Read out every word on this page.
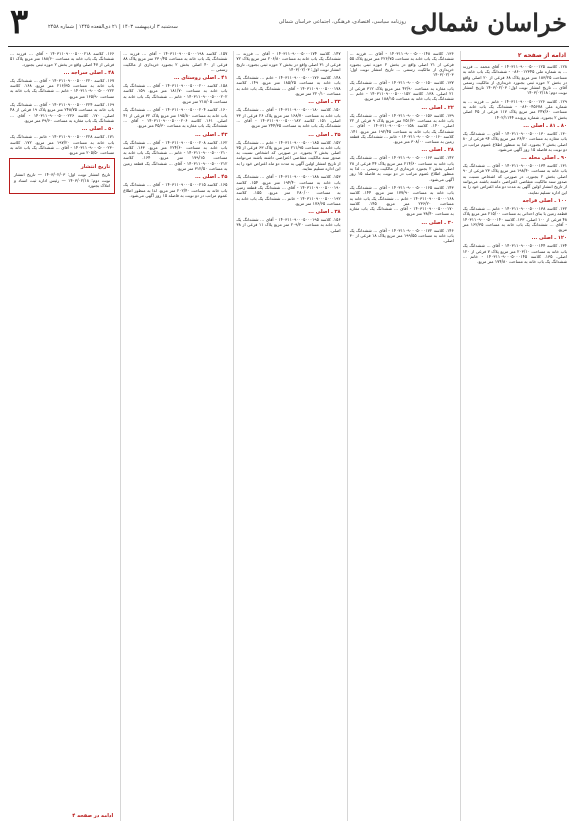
۳	سه‌شنبه ۳ اردیبهشت ۱۴۰۳ | ۲۱ ذی‌القعده ۱۴۴۵ | شماره ۲۴۵۸	خراسان شمالی
روزنامه سیاسی، اقتصادی، فرهنگی، اجتماعی خراسان شمالی
ادامه از صفحه ۲
۱۲۸. کلاسه ۱۴۰۳۱۱۰۹۰۰۰۵۰۰۰۱۲۵ - آقای محمد ... فرزند ... به شماره ملی ۰۸۶۰۰۱۲۳۴۵ - ششدانگ یک باب خانه به مساحت ۱۸۳/۲۵ متر مربع پلاک ۶۸ فرعی از ۲۰ اصلی واقع در بخش ۲ حوزه ثبتی بجنورد خریداری از مالکیت رسمی آقای ... تاریخ انتشار نوبت اول: ۱۴۰۳/۰۲/۰۳ تاریخ انتشار نوبت دوم: ۱۴۰۳/۰۲/۱۸
۱۲۹. کلاسه ۱۴۰۳۱۱۰۹۰۰۰۵۰۰۰۱۲۶ - خانم ... فرزند ... به شماره ملی ۰۸۶۰۰۴۵۶۷۸ - ششدانگ یک باب خانه به مساحت ۲۴۷/۶۰ متر مربع پلاک ۱۱۷ فرعی از ۴۵ اصلی بخش ۲ بجنورد. شماره پرونده ۱۴۰۲/۱۱۴۴
۸۰ ـ ۸۱ ـ اصلی ...
۱۳۰. کلاسه ۱۴۰۳۱۱۰۹۰۰۰۵۰۰۰۱۳۰ - آقای ... ششدانگ یک باب مغازه به مساحت ۳۶/۲۰ متر مربع پلاک ۹۴ فرعی از ۸۰ اصلی بخش ۲ بجنورد. لذا به منظور اطلاع عموم مراتب در دو نوبت به فاصله ۱۵ روز آگهی می‌شود.
۹۰ ـ اصلی محله ...
۱۳۱. کلاسه ۱۴۰۳۱۱۰۹۰۰۰۵۰۰۰۱۳۴ - آقای ... ششدانگ یک باب خانه به مساحت ۱۹۸/۴۰ متر مربع پلاک ۲۳ فرعی از ۹۰ اصلی بخش ۲ بجنورد. در صورتی که اشخاص نسبت به صدور سند مالکیت متقاضی اعتراضی داشته باشند می‌توانند از تاریخ انتشار اولین آگهی به مدت دو ماه اعتراض خود را به این اداره تسلیم نمایند.
۱۰۰ ـ اصلی قراجه
۱۳۲. کلاسه ۱۴۰۳۱۱۰۹۰۰۰۵۰۰۰۱۳۸ - خانم ... ششدانگ یک قطعه زمین با بنای احداثی به مساحت ۲۱۵/۰۰ متر مربع پلاک ۴۸ فرعی از ۱۰۰ اصلی. ۱۳۳. کلاسه ۱۴۰۳۱۱۰۹۰۰۰۵۰۰۰۱۴۰ - آقای ... ششدانگ یک باب خانه به مساحت ۱۶۲/۳۵ متر مربع.
۱۲۰ ـ اصلی ...
۱۳۴. کلاسه ۱۴۰۳۱۱۰۹۰۰۰۵۰۰۰۱۴۴ - آقای ... ششدانگ یک باب خانه به مساحت ۲۰۳/۱۰ متر مربع پلاک ۷ فرعی از ۱۲۰ اصلی. ۱۳۵. کلاسه ۱۴۰۳۱۱۰۹۰۰۰۵۰۰۰۱۴۵ - خانم ... ششدانگ یک باب خانه به مساحت ۱۷۴/۸۰ متر مربع.
۱۳۶. کلاسه ۱۴۰۳۱۱۰۹۰۰۰۵۰۰۰۱۴۸ - آقای ... فرزند ... ششدانگ یک باب خانه به مساحت ۲۲۶/۷۵ متر مربع پلاک ۵۵ فرعی از ۲۱ اصلی واقع در بخش ۲ حوزه ثبتی بجنورد خریداری از مالکیت رسمی ... تاریخ انتشار نوبت اول: ۱۴۰۳/۰۲/۰۳
۱۳۷. کلاسه ۱۴۰۳۱۱۰۹۰۰۰۵۰۰۰۱۵۰ - آقای ... ششدانگ یک باب مغازه به مساحت ۴۲/۹۰ متر مربع پلاک ۳۱۲ فرعی از ۲۱ اصلی. ۱۳۸. کلاسه ۱۴۰۳۱۱۰۹۰۰۰۵۰۰۰۱۵۲ - خانم ... ششدانگ یک باب خانه به مساحت ۱۸۸/۱۵ متر مربع.
۲۲ ـ اصلی ...
۱۳۹. کلاسه ۱۴۰۳۱۱۰۹۰۰۰۵۰۰۰۱۵۶ - آقای ... ششدانگ یک باب خانه به مساحت ۲۵۱/۳۰ متر مربع پلاک ۹ فرعی از ۲۲ اصلی. ۱۴۰. کلاسه ۱۴۰۳۱۱۰۹۰۰۰۵۰۰۰۱۵۸ - آقای ... ششدانگ یک باب خانه به مساحت ۱۹۲/۴۵ متر مربع. ۱۴۱. کلاسه ۱۴۰۳۱۱۰۹۰۰۰۵۰۰۰۱۶۰ - خانم ... ششدانگ یک قطعه زمین به مساحت ۳۰۸/۰۰ متر مربع.
۲۸ ـ اصلی ...
۱۴۲. کلاسه ۱۴۰۳۱۱۰۹۰۰۰۵۰۰۰۱۶۳ - آقای ... ششدانگ یک باب خانه به مساحت ۲۱۴/۶۰ متر مربع پلاک ۴۴ فرعی از ۲۸ اصلی بخش ۲ بجنورد خریداری از مالکیت رسمی ... لذا به منظور اطلاع عموم مراتب در دو نوبت به فاصله ۱۵ روز آگهی می‌شود.
۱۴۳. کلاسه ۱۴۰۳۱۱۰۹۰۰۰۵۰۰۰۱۶۵ - آقای ... ششدانگ یک باب خانه به مساحت ۱۷۷/۹۰ متر مربع. ۱۴۴. کلاسه ۱۴۰۳۱۱۰۹۰۰۰۵۰۰۰۱۶۸ - خانم ... ششدانگ یک باب خانه به مساحت ۲۳۶/۲۰ متر مربع. ۱۴۵. کلاسه ۱۴۰۳۱۱۰۹۰۰۰۵۰۰۰۱۷۰ - آقای ... ششدانگ یک باب مغازه به مساحت ۳۸/۴۰ متر مربع.
۳۰ ـ اصلی ...
۱۴۶. کلاسه ۱۴۰۳۱۱۰۹۰۰۰۵۰۰۰۱۷۲ - آقای ... ششدانگ یک باب خانه به مساحت ۱۹۹/۵۵ متر مربع پلاک ۱۸ فرعی از ۳۰ اصلی.
۱۴۷. کلاسه ۱۴۰۳۱۱۰۹۰۰۰۵۰۰۰۱۷۴ - آقای ... فرزند ... ششدانگ یک باب خانه به مساحت ۲۰۶/۸۰ متر مربع پلاک ۷۲ فرعی از ۳۱ اصلی واقع در بخش ۲ حوزه ثبتی بجنورد. تاریخ انتشار نوبت اول: ۱۴۰۳/۰۲/۰۳
۱۴۸. کلاسه ۱۴۰۳۱۱۰۹۰۰۰۵۰۰۰۱۷۶ - خانم ... ششدانگ یک باب خانه به مساحت ۱۸۵/۲۵ متر مربع. ۱۴۹. کلاسه ۱۴۰۳۱۱۰۹۰۰۰۵۰۰۰۱۷۸ - آقای ... ششدانگ یک باب خانه به مساحت ۲۲۰/۱۰ متر مربع.
۳۳ ـ اصلی ...
۱۵۰. کلاسه ۱۴۰۳۱۱۰۹۰۰۰۵۰۰۰۱۸۰ - آقای ... ششدانگ یک باب خانه به مساحت ۱۶۸/۷۰ متر مربع پلاک ۲۶ فرعی از ۳۳ اصلی. ۱۵۱. کلاسه ۱۴۰۳۱۱۰۹۰۰۰۵۰۰۰۱۸۲ - آقای ... ششدانگ یک باب خانه به مساحت ۲۴۴/۳۵ متر مربع.
۳۵ ـ اصلی ...
۱۵۲. کلاسه ۱۴۰۳۱۱۰۹۰۰۰۵۰۰۰۱۸۵ - خانم ... ششدانگ یک باب خانه به مساحت ۲۱۱/۹۵ متر مربع پلاک ۶۳ فرعی از ۳۵ اصلی بخش ۲ بجنورد. در صورتی که اشخاص نسبت به صدور سند مالکیت متقاضی اعتراضی داشته باشند می‌توانند از تاریخ انتشار اولین آگهی به مدت دو ماه اعتراض خود را به این اداره تسلیم نمایند.
۱۵۳. کلاسه ۱۴۰۳۱۱۰۹۰۰۰۵۰۰۰۱۸۸ - آقای ... ششدانگ یک باب خانه به مساحت ۱۹۴/۴۰ متر مربع. ۱۵۴. کلاسه ۱۴۰۳۱۱۰۹۰۰۰۵۰۰۰۱۹۰ - آقای ... ششدانگ یک قطعه زمین به مساحت ۲۸۰/۰۰ متر مربع. ۱۵۵. کلاسه ۱۴۰۳۱۱۰۹۰۰۰۵۰۰۰۱۹۲ - خانم ... ششدانگ یک باب خانه به مساحت ۱۷۶/۶۵ متر مربع.
۳۸ ـ اصلی ...
۱۵۶. کلاسه ۱۴۰۳۱۱۰۹۰۰۰۵۰۰۰۱۹۵ - آقای ... ششدانگ یک باب خانه به مساحت ۲۰۹/۲۰ متر مربع پلاک ۱۱ فرعی از ۳۸ اصلی.
۱۵۷. کلاسه ۱۴۰۳۱۱۰۹۰۰۰۵۰۰۰۱۹۸ - آقای ... فرزند ... ششدانگ یک باب خانه به مساحت ۲۳۰/۴۵ متر مربع پلاک ۸۸ فرعی از ۴۰ اصلی بخش ۲ بجنورد خریداری از مالکیت رسمی ...
۴۱ ـ اصلی روستای ...
۱۵۸. کلاسه ۱۴۰۳۱۱۰۹۰۰۰۵۰۰۰۲۰۰ - آقای ... ششدانگ یک باب خانه به مساحت ۱۸۱/۷۰ متر مربع. ۱۵۹. کلاسه ۱۴۰۳۱۱۰۹۰۰۰۵۰۰۰۲۰۲ - خانم ... ششدانگ یک باب خانه به مساحت ۲۱۸/۰۵ متر مربع.
۱۶۰. کلاسه ۱۴۰۳۱۱۰۹۰۰۰۵۰۰۰۲۰۴ - آقای ... ششدانگ یک باب خانه به مساحت ۱۹۵/۸۰ متر مربع پلاک ۳۲ فرعی از ۴۱ اصلی. ۱۶۱. کلاسه ۱۴۰۳۱۱۰۹۰۰۰۵۰۰۰۲۰۶ - آقای ... ششدانگ یک باب مغازه به مساحت ۴۵/۳۰ متر مربع.
۴۳ ـ اصلی ...
۱۶۲. کلاسه ۱۴۰۳۱۱۰۹۰۰۰۵۰۰۰۲۰۸ - آقای ... ششدانگ یک باب خانه به مساحت ۲۲۴/۶۰ متر مربع. ۱۶۳. کلاسه ۱۴۰۳۱۱۰۹۰۰۰۵۰۰۰۲۱۰ - خانم ... ششدانگ یک باب خانه به مساحت ۱۷۹/۱۵ متر مربع. ۱۶۴. کلاسه ۱۴۰۳۱۱۰۹۰۰۰۵۰۰۰۲۱۲ - آقای ... ششدانگ یک قطعه زمین به مساحت ۳۱۲/۵۰ متر مربع.
۴۵ ـ اصلی ...
۱۶۵. کلاسه ۱۴۰۳۱۱۰۹۰۰۰۵۰۰۰۲۱۵ - آقای ... ششدانگ یک باب خانه به مساحت ۲۰۲/۴۰ متر مربع. لذا به منظور اطلاع عموم مراتب در دو نوبت به فاصله ۱۵ روز آگهی می‌شود.
۱۶۶. کلاسه ۱۴۰۳۱۱۰۹۰۰۰۵۰۰۰۲۱۸ - آقای ... فرزند ... ششدانگ یک باب خانه به مساحت ۱۸۸/۶۰ متر مربع پلاک ۵۱ فرعی از ۴۷ اصلی واقع در بخش ۲ حوزه ثبتی بجنورد.
۴۸ ـ اصلی سراجه ...
۱۶۷. کلاسه ۱۴۰۳۱۱۰۹۰۰۰۵۰۰۰۲۲۰ - آقای ... ششدانگ یک باب خانه به مساحت ۲۱۶/۳۵ متر مربع. ۱۶۸. کلاسه ۱۴۰۳۱۱۰۹۰۰۰۵۰۰۰۲۲۲ - خانم ... ششدانگ یک باب خانه به مساحت ۱۶۵/۹۰ متر مربع.
۱۶۹. کلاسه ۱۴۰۳۱۱۰۹۰۰۰۵۰۰۰۲۲۴ - آقای ... ششدانگ یک باب خانه به مساحت ۲۴۸/۷۵ متر مربع پلاک ۱۹ فرعی از ۴۸ اصلی. ۱۷۰. کلاسه ۱۴۰۳۱۱۰۹۰۰۰۵۰۰۰۲۲۶ - آقای ... ششدانگ یک باب مغازه به مساحت ۳۹/۶۰ متر مربع.
۵۰ ـ اصلی ...
۱۷۱. کلاسه ۱۴۰۳۱۱۰۹۰۰۰۵۰۰۰۲۲۸ - خانم ... ششدانگ یک باب خانه به مساحت ۱۹۷/۲۰ متر مربع. ۱۷۲. کلاسه ۱۴۰۳۱۱۰۹۰۰۰۵۰۰۰۲۳۰ - آقای ... ششدانگ یک باب خانه به مساحت ۲۰۵/۵۰ متر مربع.
تاریخ انتشار
تاریخ انتشار نوبت اول: ۱۴۰۳/۰۲/۰۳ — تاریخ انتشار نوبت دوم: ۱۴۰۳/۰۲/۱۸ — رئیس اداره ثبت اسناد و املاک بجنورد
ادامه در صفحه ۴
